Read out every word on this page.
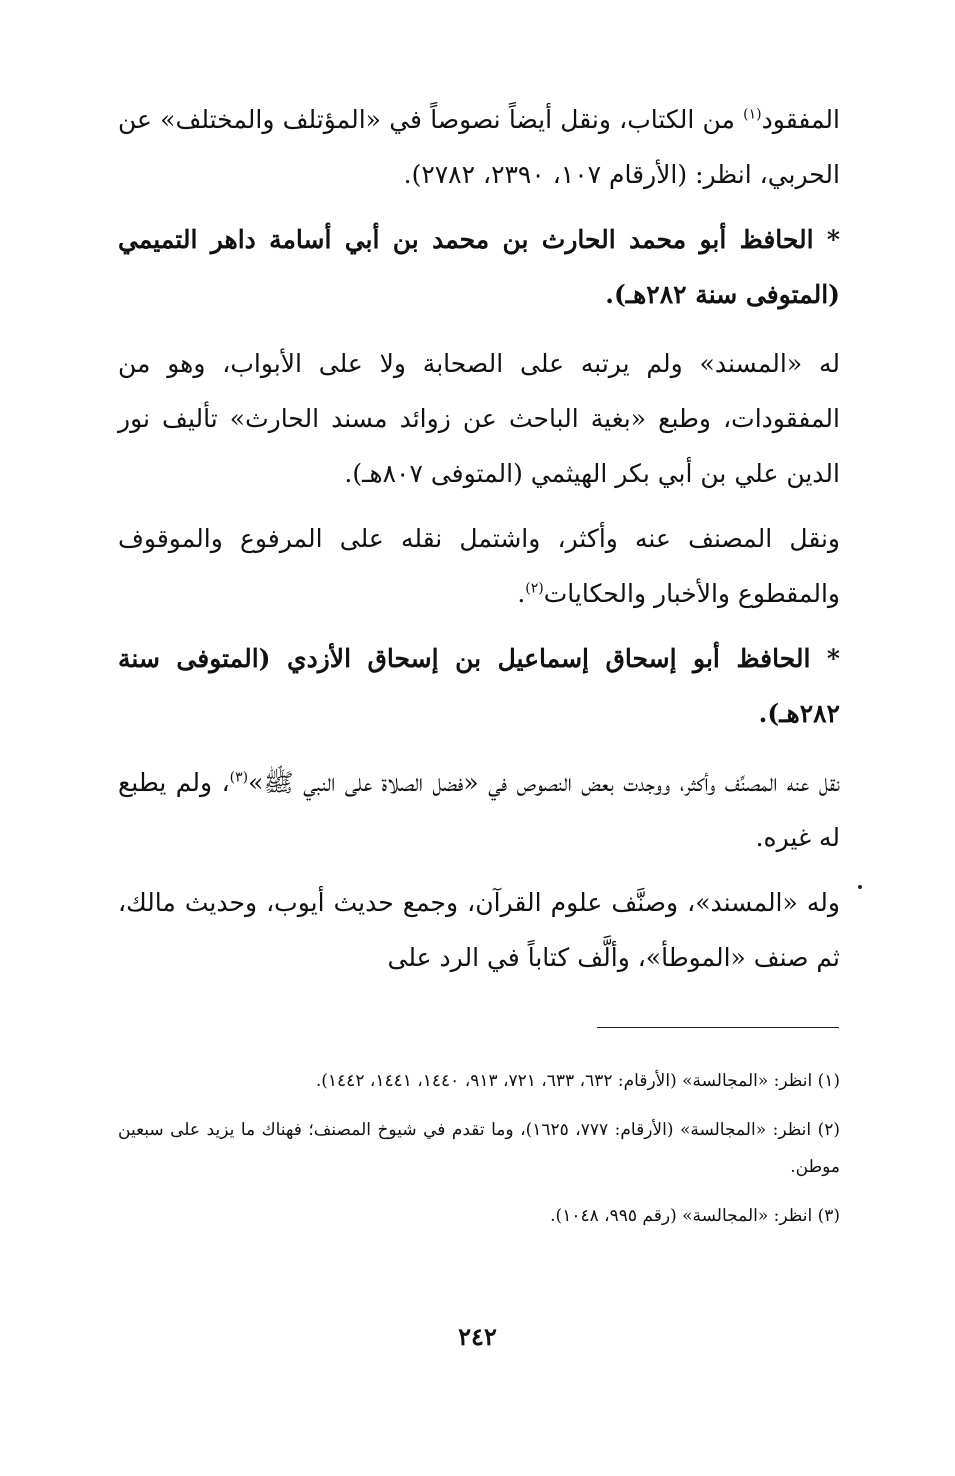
المفقود$^{(١)}$ من الكتاب، ونقل أيضاً نصوصاً في «المؤتلف والمختلف» عن الحربي، انظر: (الأرقام ١٠٧، ٢٣٩٠، ٢٧٨٢).

* الحافظ أبو محمد الحارث بن محمد بن أبي أسامة داهر التميمي (المتوفى سنة ٢٨٢هـ).

له «المسند» ولم يرتبه على الصحابة ولا على الأبواب، وهو من المفقودات، وطبع «بغية الباحث عن زوائد مسند الحارث» تأليف نور الدين علي بن أبي بكر الهيثمي (المتوفى ٨٠٧هـ).

ونقل المصنف عنه وأكثر، واشتمل نقله على المرفوع والموقوف والمقطوع والأخبار والحكايات$^{(٢)}$.

* الحافظ أبو إسحاق إسماعيل بن إسحاق الأزدي (المتوفى سنة ٢٨٢هـ).

نقل عنه المصنِّف وأكثر، ووجدت بعض النصوص في «فضل الصلاة على النبي ﷺ»$^{(٣)}$، ولم يطبع له غيره.

وله «المسند»، وصنَّف علوم القرآن، وجمع حديث أيوب، وحديث مالك، ثم صنف «الموطأ»، وألَّف كتاباً في الرد على

(١) انظر: «المجالسة» (الأرقام: ٦٣٢، ٦٣٣، ٧٢١، ٩١٣، ١٤٤٠، ١٤٤١، ١٤٤٢).

(٢) انظر: «المجالسة» (الأرقام: ٧٧٧، ١٦٢٥)، وما تقدم في شيوخ المصنف؛ فهناك ما يزيد على سبعين موطن.

(٣) انظر: «المجالسة» (رقم ٩٩٥، ١٠٤٨).

٢٤٢
